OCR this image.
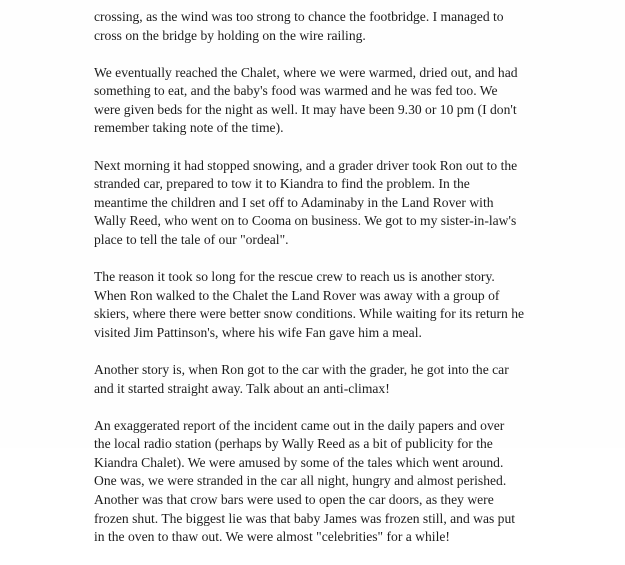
crossing, as the wind was too strong to chance the footbridge. I managed to
cross on the bridge by holding on the wire railing.

We eventually reached the Chalet, where we were warmed, dried out, and had
something to eat, and the baby's food was warmed and he was fed too. We
were given beds for the night as well. It may have been 9.30 or 10 pm (I don't
remember taking note of the time).

Next morning it had stopped snowing, and a grader driver took Ron out to the
stranded car, prepared to tow it to Kiandra to find the problem. In the
meantime the children and I set off to Adaminaby in the Land Rover with
Wally Reed, who went on to Cooma on business. We got to my sister-in-law's
place to tell the tale of our "ordeal".

The reason it took so long for the rescue crew to reach us is another story.
When Ron walked to the Chalet the Land Rover was away with a group of
skiers, where there were better snow conditions. While waiting for its return he
visited Jim Pattinson's, where his wife Fan gave him a meal.

Another story is, when Ron got to the car with the grader, he got into the car
and it started straight away. Talk about an anti-climax!

An exaggerated report of the incident came out in the daily papers and over
the local radio station (perhaps by Wally Reed as a bit of publicity for the
Kiandra Chalet). We were amused by some of the tales which went around.
One was, we were stranded in the car all night, hungry and almost perished.
Another was that crow bars were used to open the car doors, as they were
frozen shut. The biggest lie was that baby James was frozen still, and was put
in the oven to thaw out. We were almost "celebrities" for a while!
